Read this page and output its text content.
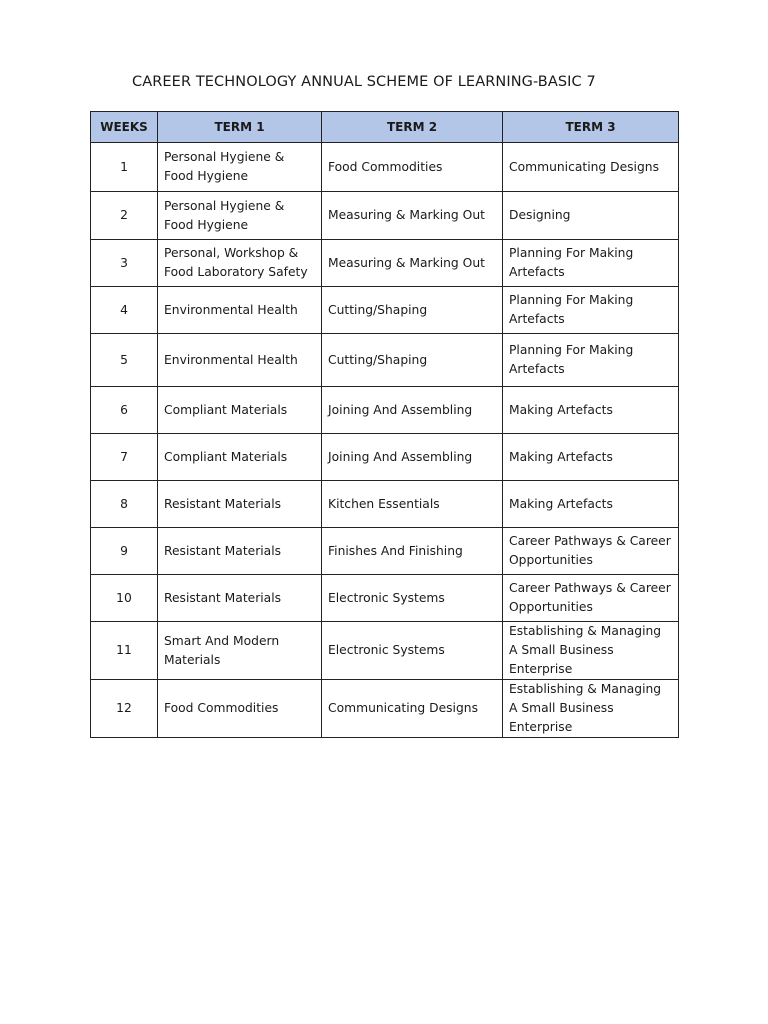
CAREER TECHNOLOGY ANNUAL SCHEME OF LEARNING-BASIC 7
WEEKS	TERM 1	TERM 2	TERM 3
1	Personal Hygiene & Food Hygiene	Food Commodities	Communicating Designs
2	Personal Hygiene & Food Hygiene	Measuring & Marking Out	Designing
3	Personal, Workshop & Food Laboratory Safety	Measuring & Marking Out	Planning For Making Artefacts
4	Environmental Health	Cutting/Shaping	Planning For Making Artefacts
5	Environmental Health	Cutting/Shaping	Planning For Making Artefacts
6	Compliant Materials	Joining And Assembling	Making Artefacts
7	Compliant Materials	Joining And Assembling	Making Artefacts
8	Resistant Materials	Kitchen Essentials	Making Artefacts
9	Resistant Materials	Finishes And Finishing	Career Pathways & Career Opportunities
10	Resistant Materials	Electronic Systems	Career Pathways & Career Opportunities
11	Smart And Modern Materials	Electronic Systems	Establishing & Managing A Small Business Enterprise
12	Food Commodities	Communicating Designs	Establishing & Managing A Small Business Enterprise
